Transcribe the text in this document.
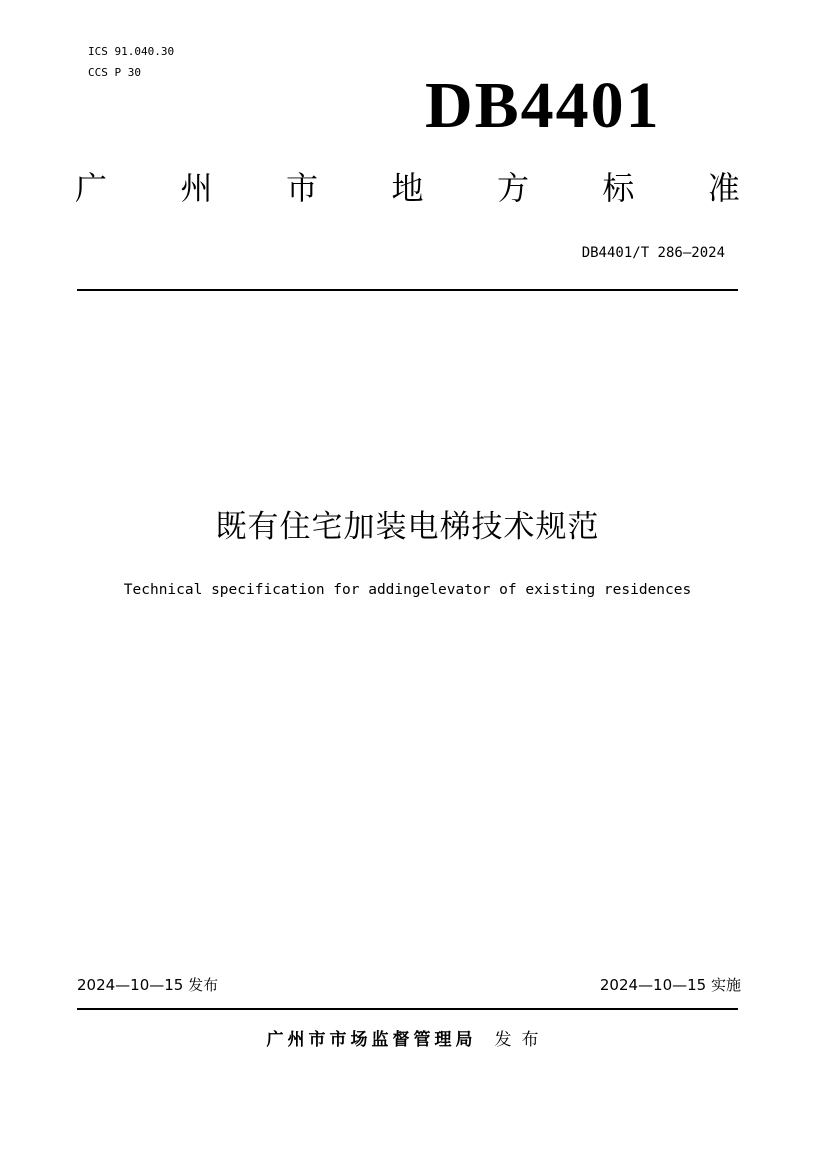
ICS 91.040.30
CCS P 30	DB4401
广 州 市 地 方 标 准
DB4401/T 286—2024
既有住宅加装电梯技术规范
Technical specification for addingelevator of existing residences
2024—10—15 发布	2024—10—15 实施
广州市市场监督管理局 发布
